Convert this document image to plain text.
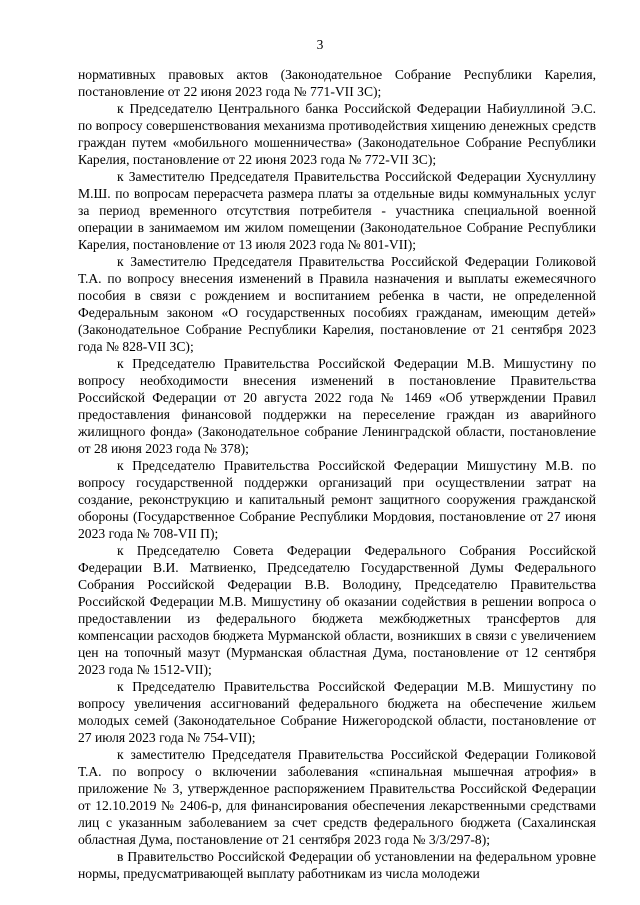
3

нормативных правовых актов (Законодательное Собрание Республики Карелия, постановление от 22 июня 2023 года № 771-VII ЗС);

к Председателю Центрального банка Российской Федерации Набиуллиной Э.С. по вопросу совершенствования механизма противодействия хищению денежных средств граждан путем «мобильного мошенничества» (Законодательное Собрание Республики Карелия, постановление от 22 июня 2023 года № 772-VII ЗС);

к Заместителю Председателя Правительства Российской Федерации Хуснуллину М.Ш. по вопросам перерасчета размера платы за отдельные виды коммунальных услуг за период временного отсутствия потребителя - участника специальной военной операции в занимаемом им жилом помещении (Законодательное Собрание Республики Карелия, постановление от 13 июля 2023 года № 801-VII);

к Заместителю Председателя Правительства Российской Федерации Голиковой Т.А. по вопросу внесения изменений в Правила назначения и выплаты ежемесячного пособия в связи с рождением и воспитанием ребенка в части, не определенной Федеральным законом «О государственных пособиях гражданам, имеющим детей» (Законодательное Собрание Республики Карелия, постановление от 21 сентября 2023 года № 828-VII ЗС);

к Председателю Правительства Российской Федерации М.В. Мишустину по вопросу необходимости внесения изменений в постановление Правительства Российской Федерации от 20 августа 2022 года № 1469 «Об утверждении Правил предоставления финансовой поддержки на переселение граждан из аварийного жилищного фонда» (Законодательное собрание Ленинградской области, постановление от 28 июня 2023 года № 378);

к Председателю Правительства Российской Федерации Мишустину М.В. по вопросу государственной поддержки организаций при осуществлении затрат на создание, реконструкцию и капитальный ремонт защитного сооружения гражданской обороны (Государственное Собрание Республики Мордовия, постановление от 27 июня 2023 года № 708-VII П);

к Председателю Совета Федерации Федерального Собрания Российской Федерации В.И. Матвиенко, Председателю Государственной Думы Федерального Собрания Российской Федерации В.В. Володину, Председателю Правительства Российской Федерации М.В. Мишустину об оказании содействия в решении вопроса о предоставлении из федерального бюджета межбюджетных трансфертов для компенсации расходов бюджета Мурманской области, возникших в связи с увеличением цен на топочный мазут (Мурманская областная Дума, постановление от 12 сентября 2023 года № 1512-VII);

к Председателю Правительства Российской Федерации М.В. Мишустину по вопросу увеличения ассигнований федерального бюджета на обеспечение жильем молодых семей (Законодательное Собрание Нижегородской области, постановление от 27 июля 2023 года № 754-VII);

к заместителю Председателя Правительства Российской Федерации Голиковой Т.А. по вопросу о включении заболевания «спинальная мышечная атрофия» в приложение № 3, утвержденное распоряжением Правительства Российской Федерации от 12.10.2019 № 2406-р, для финансирования обеспечения лекарственными средствами лиц с указанным заболеванием за счет средств федерального бюджета (Сахалинская областная Дума, постановление от 21 сентября 2023 года № 3/3/297-8);

в Правительство Российской Федерации об установлении на федеральном уровне нормы, предусматривающей выплату работникам из числа молодежи
